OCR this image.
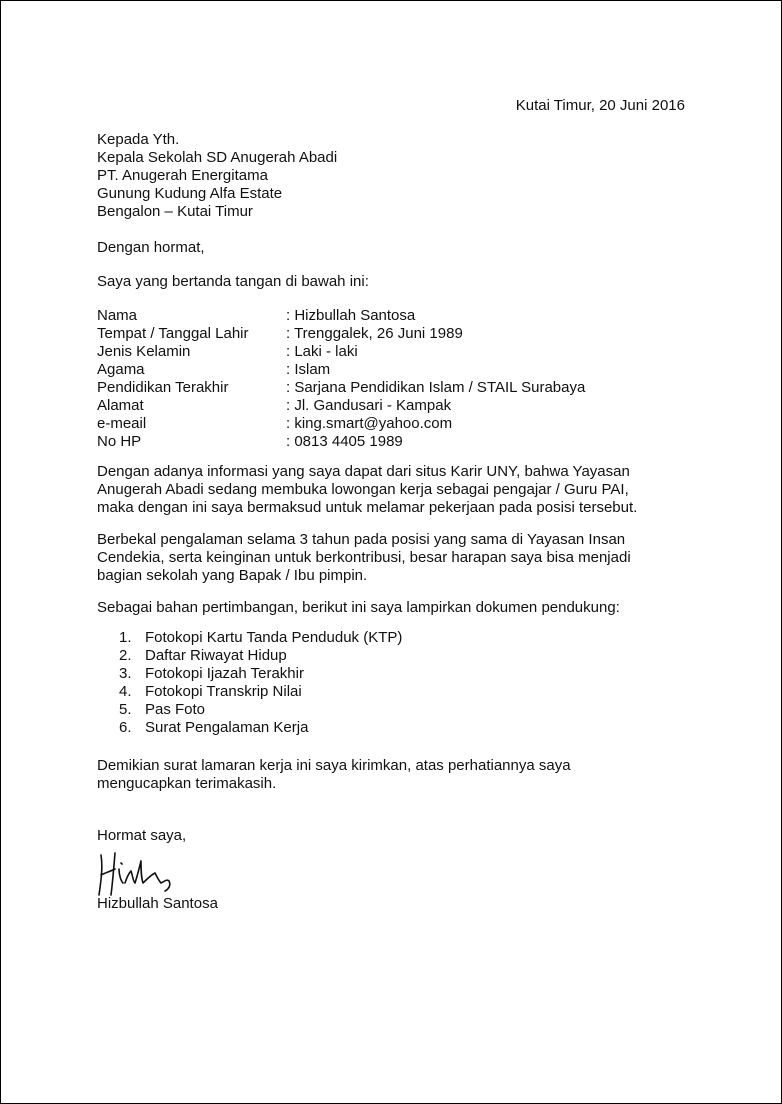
Kutai Timur, 20 Juni 2016
Kepada Yth.
Kepala Sekolah SD Anugerah Abadi
PT. Anugerah Energitama
Gunung Kudung Alfa Estate
Bengalon – Kutai Timur
Dengan hormat,
Saya yang bertanda tangan di bawah ini:
Nama	: Hizbullah Santosa
Tempat / Tanggal Lahir	: Trenggalek, 26 Juni 1989
Jenis Kelamin	: Laki - laki
Agama	: Islam
Pendidikan Terakhir	: Sarjana Pendidikan Islam / STAIL Surabaya
Alamat	: Jl. Gandusari - Kampak
e-meail	: king.smart@yahoo.com
No HP	: 0813 4405 1989
Dengan adanya informasi yang saya dapat dari situs Karir UNY, bahwa Yayasan
Anugerah Abadi sedang membuka lowongan kerja sebagai pengajar / Guru PAI,
maka dengan ini saya bermaksud untuk melamar pekerjaan pada posisi tersebut.
Berbekal pengalaman selama 3 tahun pada posisi yang sama di Yayasan Insan
Cendekia, serta keinginan untuk berkontribusi, besar harapan saya bisa menjadi
bagian sekolah yang Bapak / Ibu pimpin.
Sebagai bahan pertimbangan, berikut ini saya lampirkan dokumen pendukung:
1. Fotokopi Kartu Tanda Penduduk (KTP)
2. Daftar Riwayat Hidup
3. Fotokopi Ijazah Terakhir
4. Fotokopi Transkrip Nilai
5. Pas Foto
6. Surat Pengalaman Kerja
Demikian surat lamaran kerja ini saya kirimkan, atas perhatiannya saya
mengucapkan terimakasih.
Hormat saya,
Hizbullah Santosa
